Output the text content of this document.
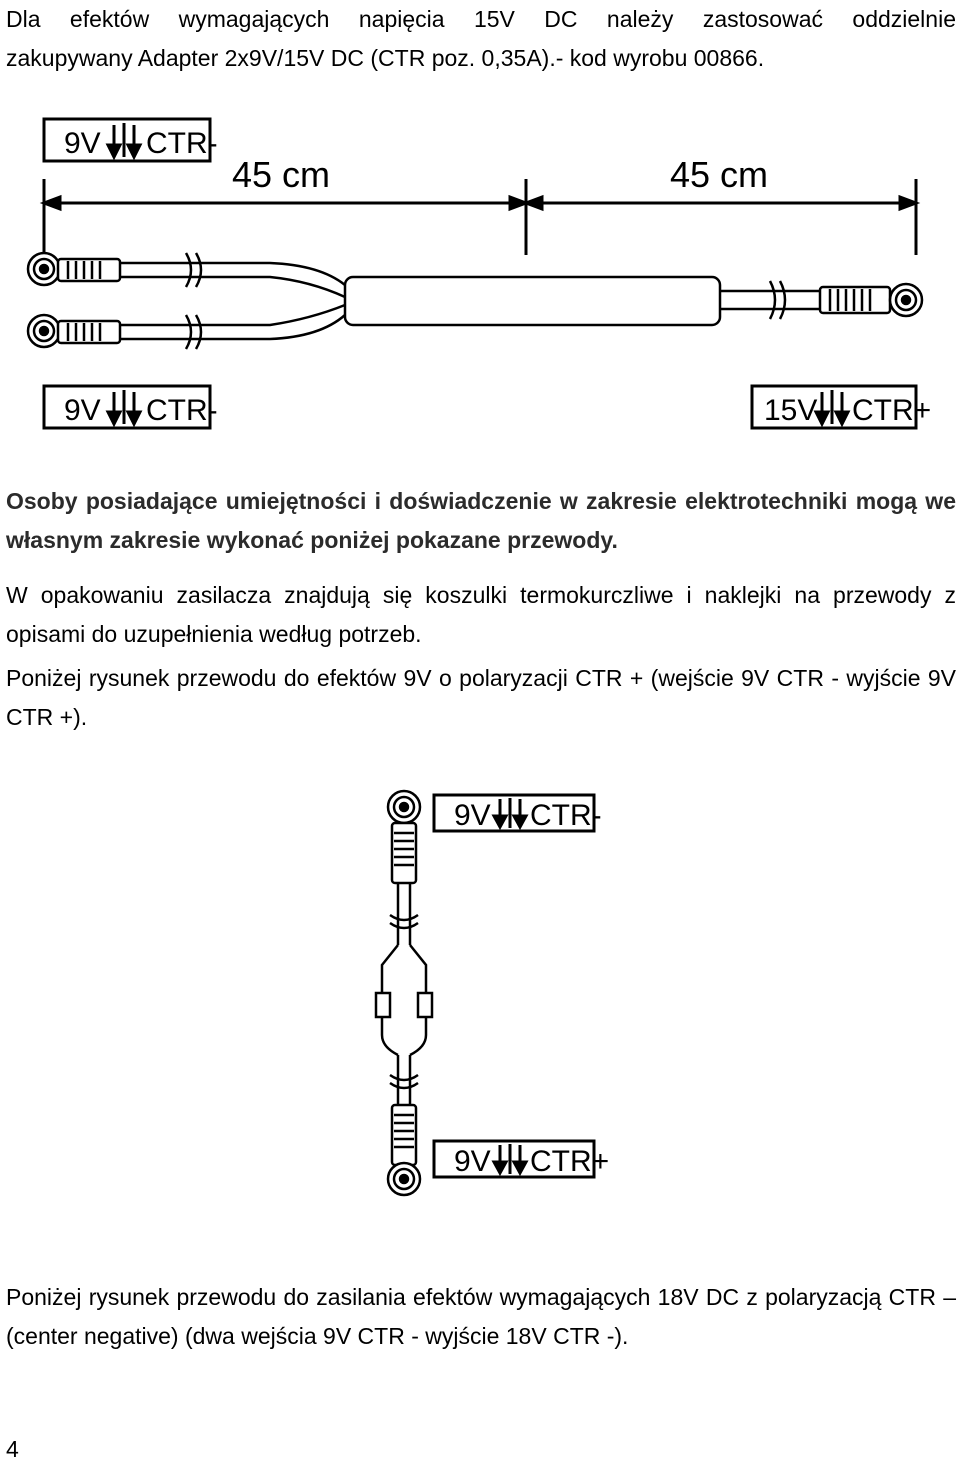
Dla efektów wymagających napięcia 15V DC należy zastosować oddzielnie
zakupywany Adapter 2x9V/15V DC (CTR poz. 0,35A).- kod wyrobu 00866.
9V CTR-
45 cm	45 cm
9V CTR-	15V CTR+

Osoby posiadające umiejętności i doświadczenie w zakresie elektrotechniki mogą we własnym zakresie wykonać poniżej pokazane przewody.

W opakowaniu zasilacza znajdują się koszulki termokurczliwe i naklejki na przewody z opisami do uzupełnienia według potrzeb.

Poniżej rysunek przewodu do efektów 9V o polaryzacji CTR + (wejście 9V CTR - wyjście 9V CTR +).

9V CTR-
9V CTR+

Poniżej rysunek przewodu do zasilania efektów wymagających 18V DC z polaryzacją CTR – (center negative) (dwa wejścia 9V CTR - wyjście 18V CTR -).

4
